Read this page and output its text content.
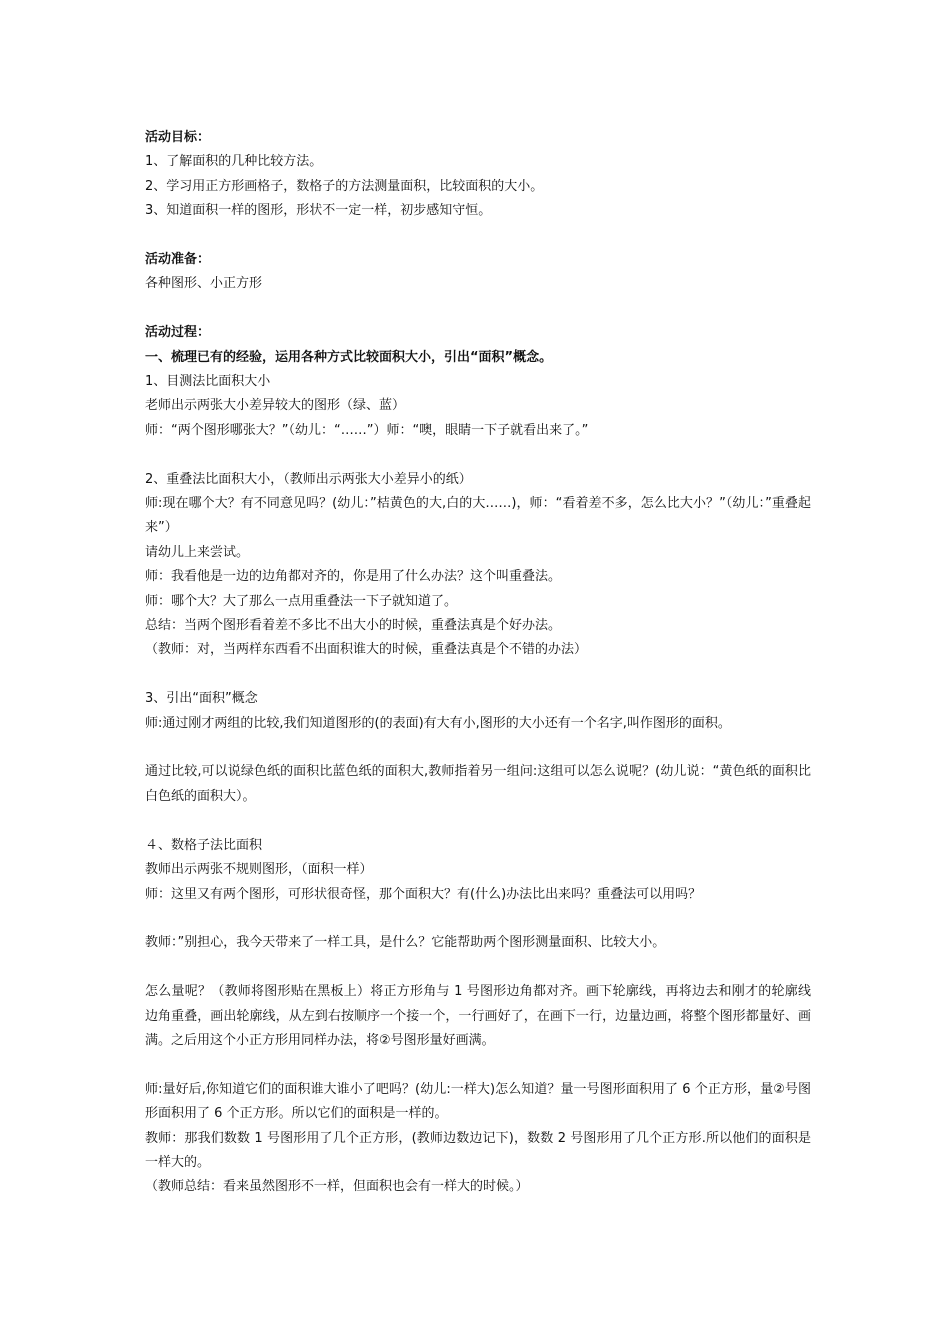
活动目标：
1、了解面积的几种比较方法。
2、学习用正方形画格子，数格子的方法测量面积，比较面积的大小。
3、知道面积一样的图形，形状不一定一样，初步感知守恒。
活动准备：
各种图形、小正方形
活动过程：
一、梳理已有的经验，运用各种方式比较面积大小，引出“面积”概念。
1、目测法比面积大小
老师出示两张大小差异较大的图形（绿、蓝）
师：“两个图形哪张大？”（幼儿：“……”）师：“噢，眼睛一下子就看出来了。”
2、重叠法比面积大小，（教师出示两张大小差异小的纸）
师:现在哪个大？有不同意见吗？(幼儿：”桔黄色的大,白的大……)，师：“看着差不多，怎么比大小？”（幼儿：”重叠起来”）
请幼儿上来尝试。
师：我看他是一边的边角都对齐的，你是用了什么办法？这个叫重叠法。
师：哪个大？大了那么一点用重叠法一下子就知道了。
总结：当两个图形看着差不多比不出大小的时候，重叠法真是个好办法。
（教师：对，当两样东西看不出面积谁大的时候，重叠法真是个不错的办法）
3、引出“面积”概念
师:通过刚才两组的比较,我们知道图形的(的表面)有大有小,图形的大小还有一个名字,叫作图形的面积。
通过比较,可以说绿色纸的面积比蓝色纸的面积大,教师指着另一组问:这组可以怎么说呢？(幼儿说：“黄色纸的面积比白色纸的面积大）。
４、数格子法比面积
教师出示两张不规则图形，（面积一样）
师：这里又有两个图形，可形状很奇怪，那个面积大？有(什么)办法比出来吗？重叠法可以用吗？
教师：”别担心，我今天带来了一样工具，是什么？它能帮助两个图形测量面积、比较大小。
怎么量呢？（教师将图形贴在黑板上）将正方形角与 1 号图形边角都对齐。画下轮廓线，再将边去和刚才的轮廓线边角重叠，画出轮廓线，从左到右按顺序一个接一个，一行画好了，在画下一行，边量边画，将整个图形都量好、画满。之后用这个小正方形用同样办法，将②号图形量好画满。
师:量好后,你知道它们的面积谁大谁小了吧吗？(幼儿:一样大)怎么知道？量一号图形面积用了 6 个正方形，量②号图形面积用了 6 个正方形。所以它们的面积是一样的。
教师：那我们数数 1 号图形用了几个正方形，(教师边数边记下)，数数 2 号图形用了几个正方形.所以他们的面积是一样大的。
（教师总结：看来虽然图形不一样，但面积也会有一样大的时候。）
